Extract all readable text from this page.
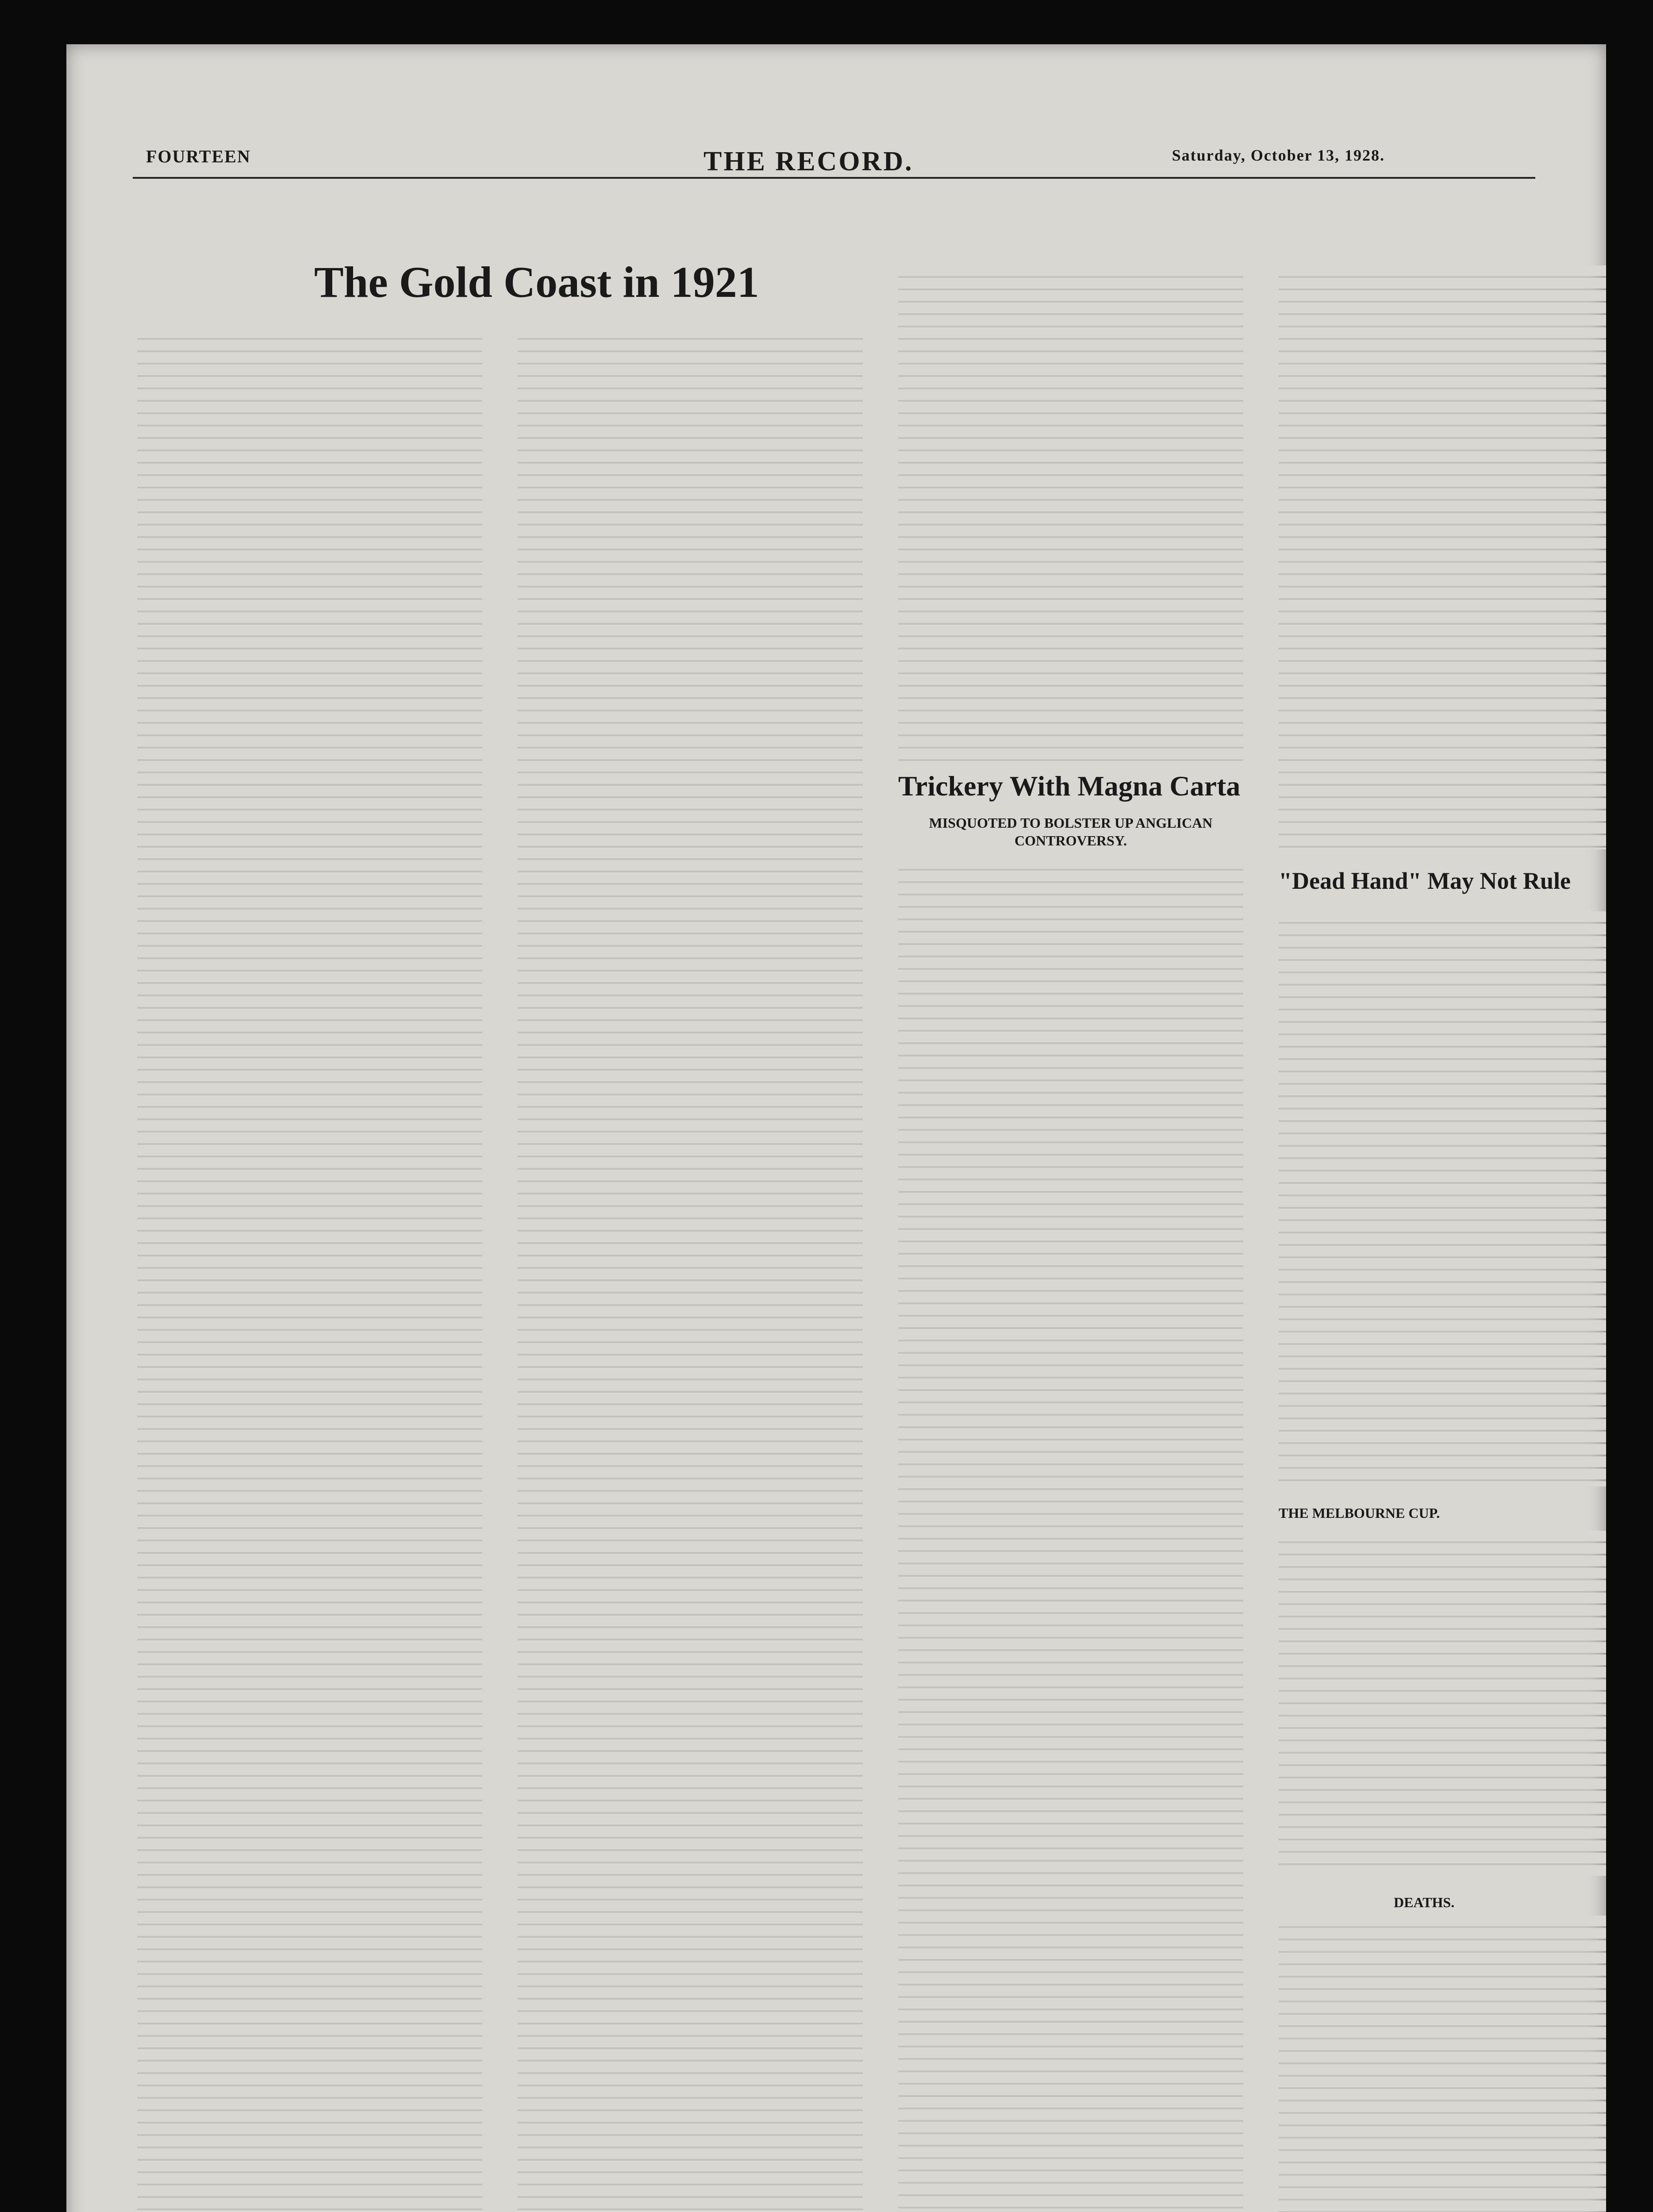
FOURTEEN	THE RECORD.	Saturday, October 13, 1928.
The Gold Coast in 1921
Trickery With Magna Carta
MISQUOTED TO BOLSTER UP ANGLICAN CONTROVERSY.
"Dead Hand" May Not Rule
THE MELBOURNE CUP.
DEATHS.
